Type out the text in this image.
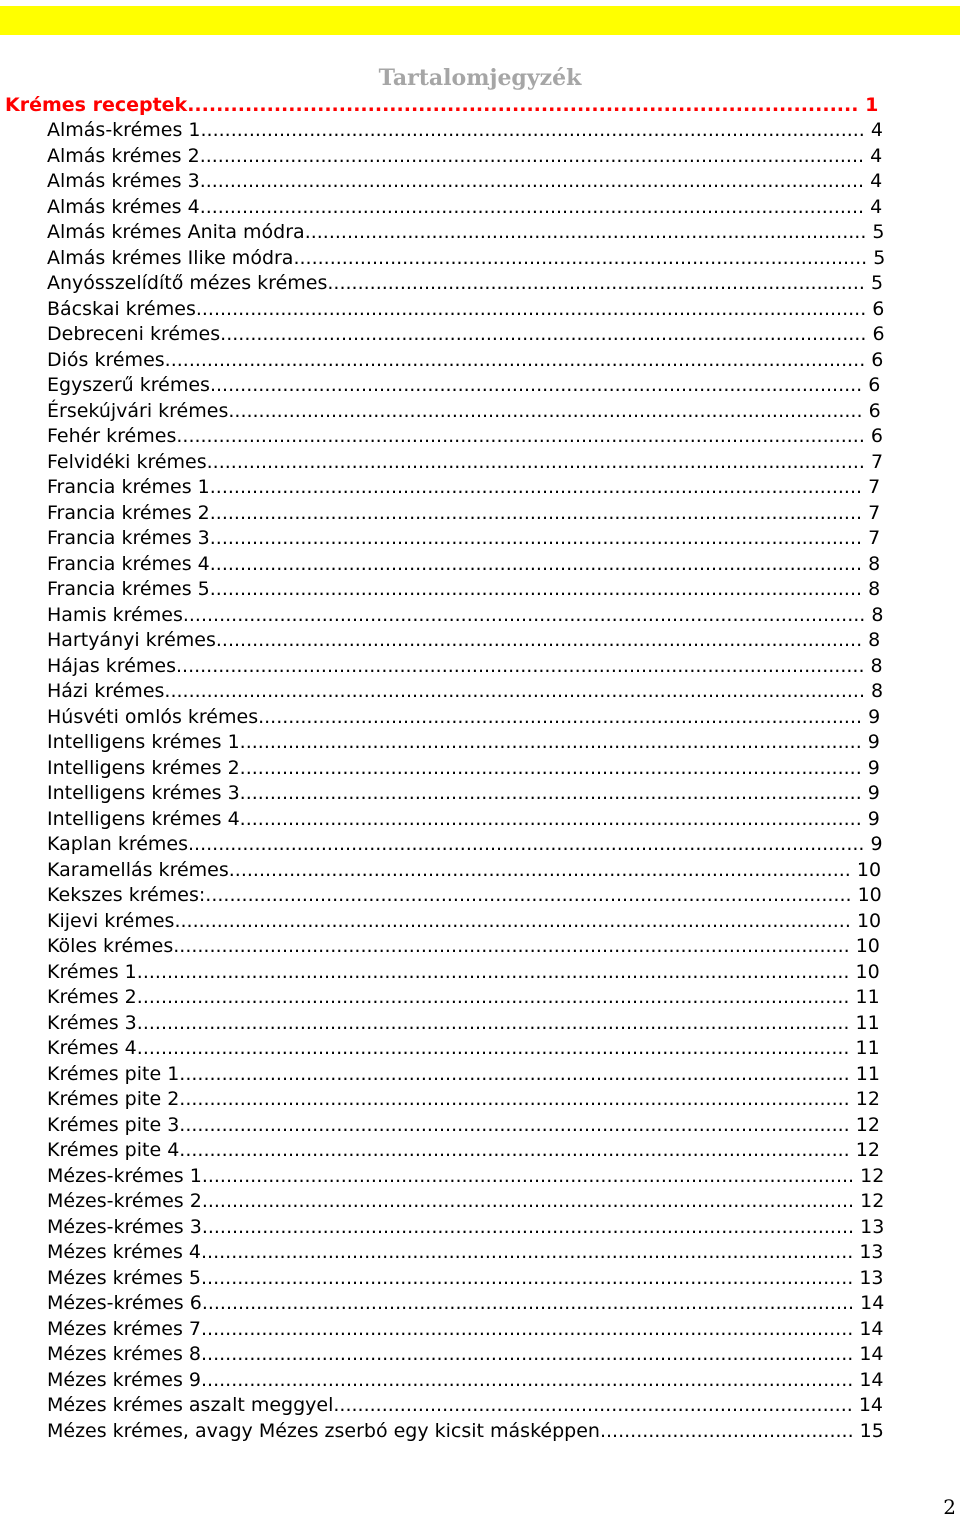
Tartalomjegyzék
Krémes receptek............................................................................................. 1
Almás-krémes 1.............................................................................................................. 4
Almás krémes 2.............................................................................................................. 4
Almás krémes 3.............................................................................................................. 4
Almás krémes 4.............................................................................................................. 4
Almás krémes Anita módra............................................................................................. 5
Almás krémes Ilike módra............................................................................................... 5
Anyósszelídítő mézes krémes......................................................................................... 5
Bácskai krémes............................................................................................................... 6
Debreceni krémes........................................................................................................... 6
Diós krémes.................................................................................................................... 6
Egyszerű krémes............................................................................................................ 6
Érsekújvári krémes......................................................................................................... 6
Fehér krémes.................................................................................................................. 6
Felvidéki krémes............................................................................................................. 7
Francia krémes 1............................................................................................................ 7
Francia krémes 2............................................................................................................ 7
Francia krémes 3............................................................................................................ 7
Francia krémes 4............................................................................................................ 8
Francia krémes 5............................................................................................................ 8
Hamis krémes................................................................................................................. 8
Hartyányi krémes........................................................................................................... 8
Hájas krémes.................................................................................................................. 8
Házi krémes.................................................................................................................... 8
Húsvéti omlós krémes.................................................................................................... 9
Intelligens krémes 1....................................................................................................... 9
Intelligens krémes 2....................................................................................................... 9
Intelligens krémes 3....................................................................................................... 9
Intelligens krémes 4....................................................................................................... 9
Kaplan krémes................................................................................................................ 9
Karamellás krémes....................................................................................................... 10
Kekszes krémes:........................................................................................................... 10
Kijevi krémes................................................................................................................ 10
Köles krémes................................................................................................................ 10
Krémes 1...................................................................................................................... 10
Krémes 2...................................................................................................................... 11
Krémes 3...................................................................................................................... 11
Krémes 4...................................................................................................................... 11
Krémes pite 1............................................................................................................... 11
Krémes pite 2............................................................................................................... 12
Krémes pite 3............................................................................................................... 12
Krémes pite 4............................................................................................................... 12
Mézes-krémes 1............................................................................................................ 12
Mézes-krémes 2............................................................................................................ 12
Mézes-krémes 3............................................................................................................ 13
Mézes krémes 4............................................................................................................ 13
Mézes krémes 5............................................................................................................ 13
Mézes-krémes 6............................................................................................................ 14
Mézes krémes 7............................................................................................................ 14
Mézes krémes 8............................................................................................................ 14
Mézes krémes 9............................................................................................................ 14
Mézes krémes aszalt meggyel...................................................................................... 14
Mézes krémes, avagy Mézes zserbó egy kicsit másképpen.......................................... 15
2
